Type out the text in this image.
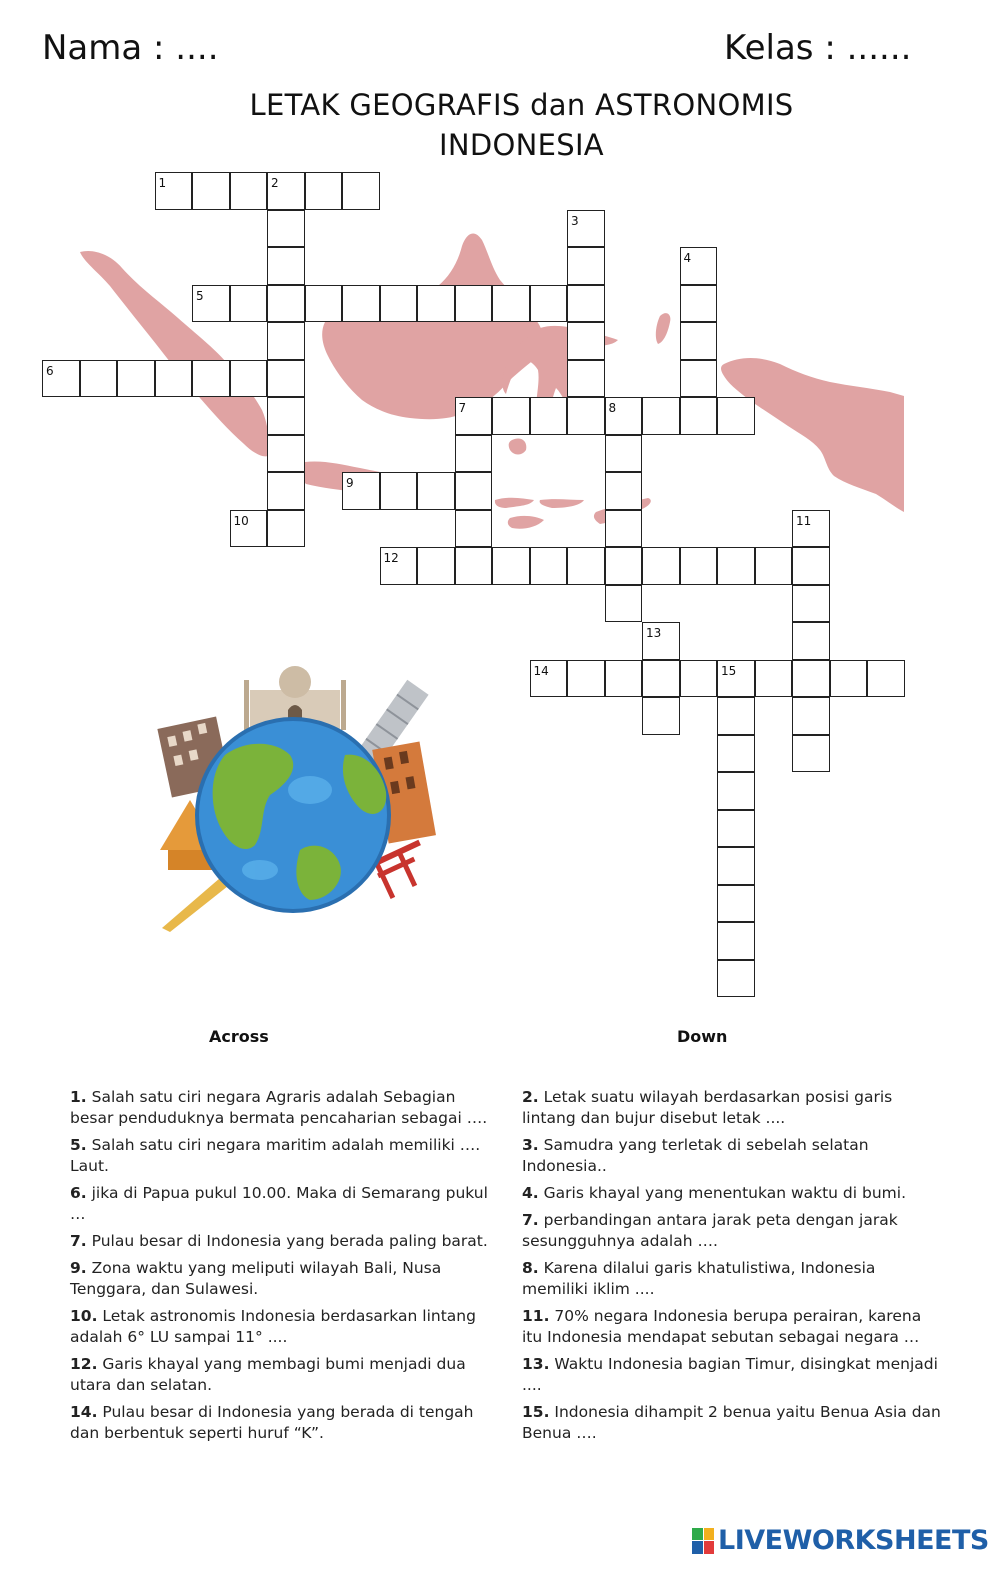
Nama : ....	Kelas : ......
LETAK GEOGRAFIS dan ASTRONOMIS
INDONESIA
1	2
3
4
5
6
7	8
9
10	11
12
13
14	15
Across	Down
1. Salah satu ciri negara Agraris adalah Sebagian besar penduduknya bermata pencaharian sebagai ….
5. Salah satu ciri negara maritim adalah memiliki …. Laut.
6. jika di Papua pukul 10.00. Maka di Semarang pukul …
7. Pulau besar di Indonesia yang berada paling barat.
9. Zona waktu yang meliputi wilayah Bali, Nusa Tenggara, dan Sulawesi.
10. Letak astronomis Indonesia berdasarkan lintang adalah 6° LU sampai 11° ....
12. Garis khayal yang membagi bumi menjadi dua utara dan selatan.
14. Pulau besar di Indonesia yang berada di tengah dan berbentuk seperti huruf “K”.
2. Letak suatu wilayah berdasarkan posisi garis lintang dan bujur disebut letak ....
3. Samudra yang terletak di sebelah selatan Indonesia..
4. Garis khayal yang menentukan waktu di bumi.
7. perbandingan antara jarak peta dengan jarak sesungguhnya adalah ….
8. Karena dilalui garis khatulistiwa, Indonesia memiliki iklim ....
11. 70% negara Indonesia berupa perairan, karena itu Indonesia mendapat sebutan sebagai negara …
13. Waktu Indonesia bagian Timur, disingkat menjadi ....
15. Indonesia dihampit 2 benua yaitu Benua Asia dan Benua ….
LIVEWORKSHEETS
